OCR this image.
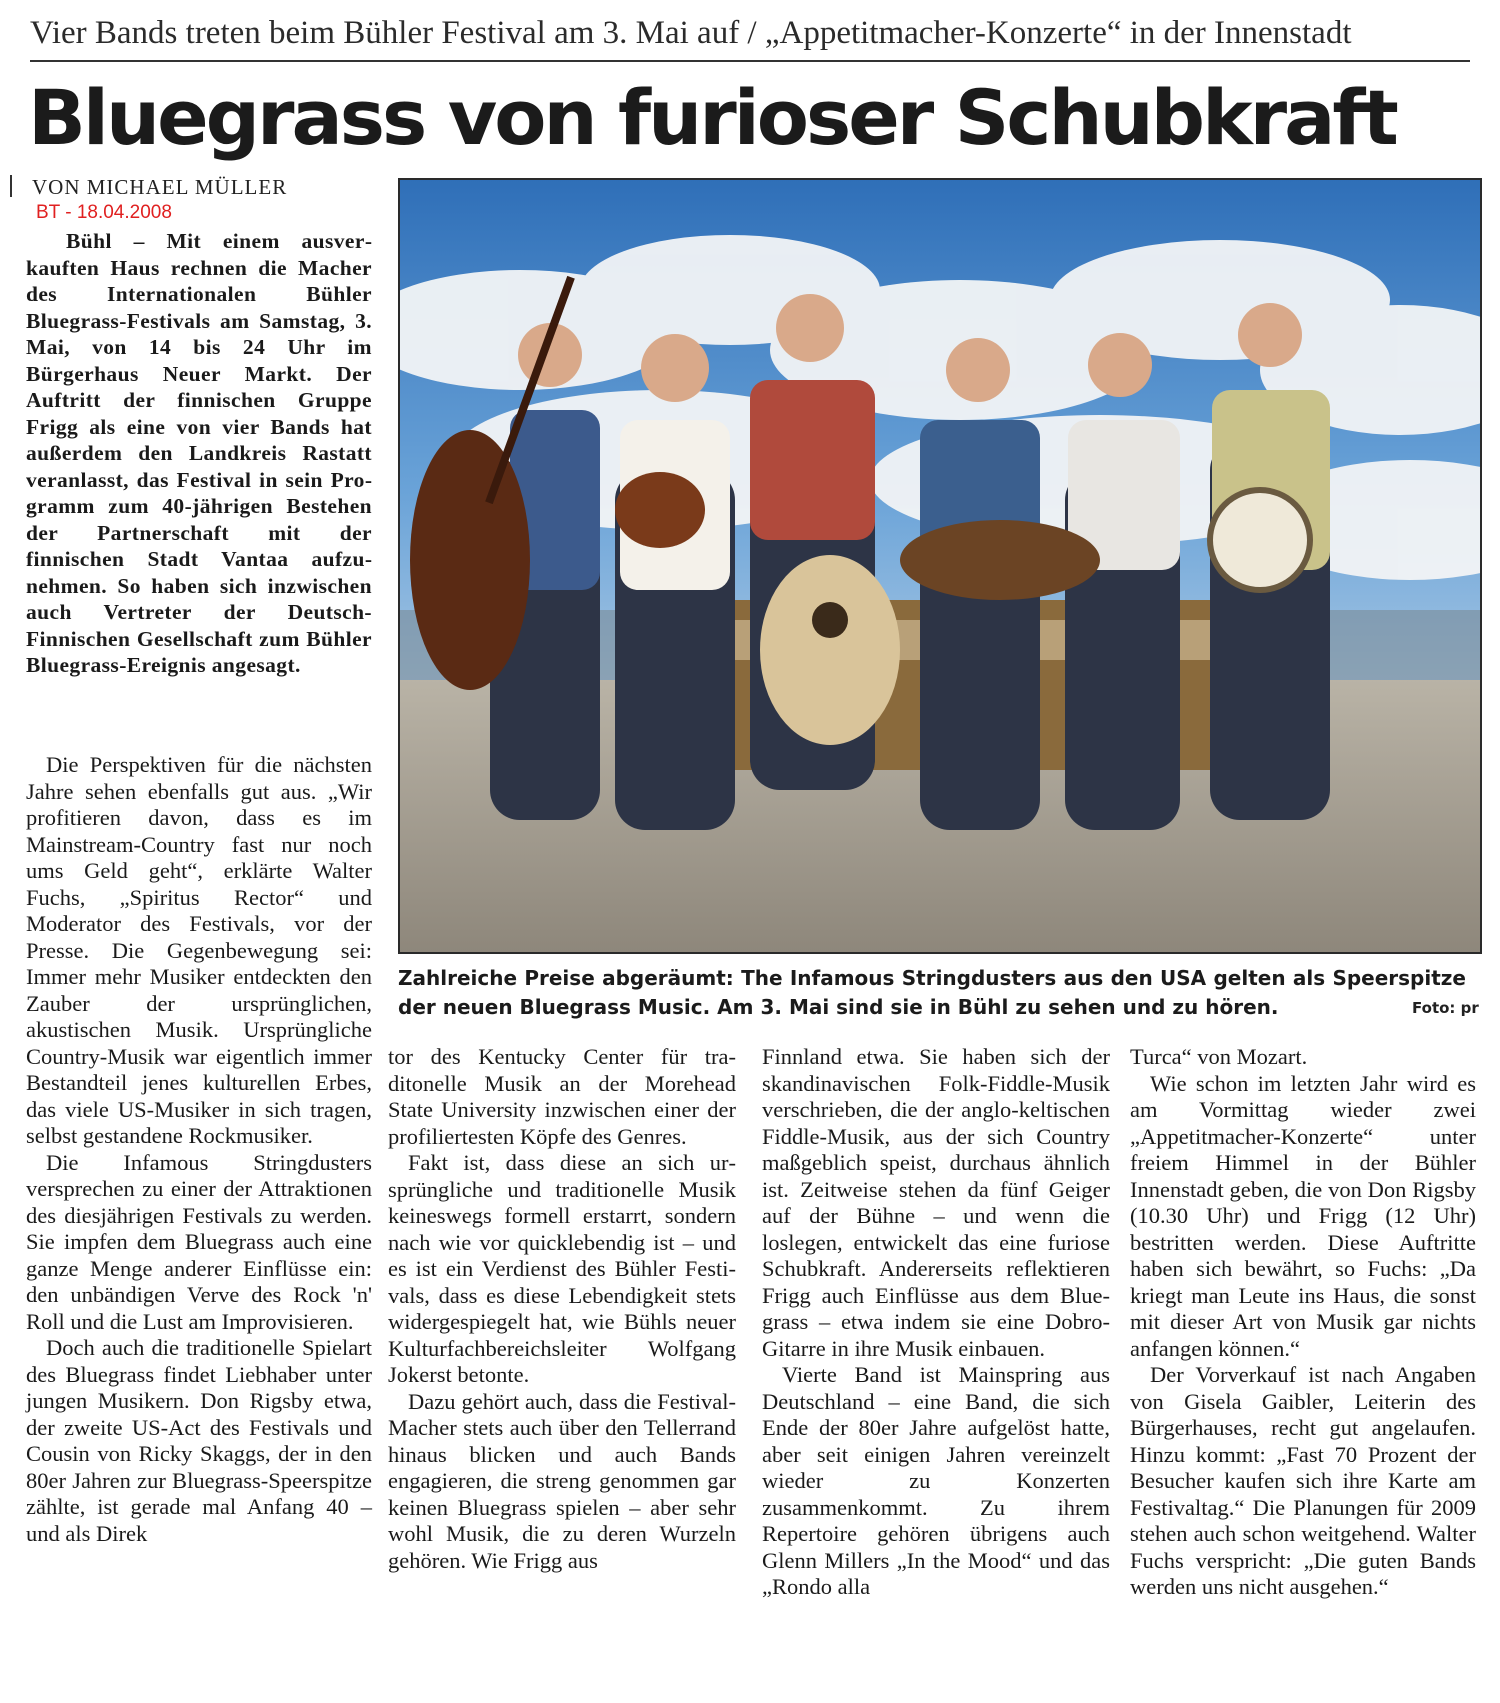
Vier Bands treten beim Bühler Festival am 3. Mai auf / „Appetitmacher-Konzerte“ in der Innenstadt
Bluegrass von furioser Schubkraft
VON MICHAEL MÜLLER
BT - 18.04.2008

Bühl – Mit einem ausverkauften Haus rechnen die Macher des Internationalen Bühler Bluegrass-Festivals am Samstag, 3. Mai, von 14 bis 24 Uhr im Bürgerhaus Neuer Markt. Der Auftritt der finnischen Gruppe Frigg als eine von vier Bands hat außerdem den Landkreis Rastatt veranlasst, das Festival in sein Programm zum 40-jährigen Bestehen der Partnerschaft mit der finnischen Stadt Vantaa aufzunehmen. So haben sich inzwischen auch Vertreter der Deutsch-Finnischen Gesellschaft zum Bühler Bluegrass-Ereignis angesagt.

Die Perspektiven für die nächsten Jahre sehen ebenfalls gut aus. „Wir profitieren davon, dass es im Mainstream-Country fast nur noch ums Geld geht“, erklärte Walter Fuchs, „Spiritus Rector“ und Moderator des Festivals, vor der Presse. Die Gegenbewegung sei: Immer mehr Musiker entdeckten den Zauber der ursprünglichen, akustischen Musik. Ursprüngliche Country-Musik war eigentlich immer Bestandteil jenes kulturellen Erbes, das viele US-Musiker in sich tragen, selbst gestandene Rockmusiker.

Die Infamous Stringdusters versprechen zu einer der Attraktionen des diesjährigen Festivals zu werden. Sie impfen dem Bluegrass auch eine ganze Menge anderer Einflüsse ein: den unbändigen Verve des Rock 'n' Roll und die Lust am Improvisieren.

Doch auch die traditionelle Spielart des Bluegrass findet Liebhaber unter jungen Musikern. Don Rigsby etwa, der zweite US-Act des Festivals und Cousin von Ricky Skaggs, der in den 80er Jahren zur Bluegrass-Speerspitze zählte, ist gerade mal Anfang 40 – und als Direk

Zahlreiche Preise abgeräumt: The Infamous Stringdusters aus den USA gelten als Speerspitze der neuen Bluegrass Music. Am 3. Mai sind sie in Bühl zu sehen und zu hören.	Foto: pr

tor des Kentucky Center für traditonelle Musik an der Morehead State University inzwischen einer der profiliertesten Köpfe des Genres.

Fakt ist, dass diese an sich ursprüngliche und traditionelle Musik keineswegs formell erstarrt, sondern nach wie vor quicklebendig ist – und es ist ein Verdienst des Bühler Festivals, dass es diese Lebendigkeit stets widergespiegelt hat, wie Bühls neuer Kulturfachbereichsleiter Wolfgang Jokerst betonte.

Dazu gehört auch, dass die Festival-Macher stets auch über den Tellerrand hinaus blicken und auch Bands engagieren, die streng genommen gar keinen Bluegrass spielen – aber sehr wohl Musik, die zu deren Wurzeln gehören. Wie Frigg aus

Finnland etwa. Sie haben sich der skandinavischen Folk-Fiddle-Musik verschrieben, die der anglo-keltischen Fiddle-Musik, aus der sich Country maßgeblich speist, durchaus ähnlich ist. Zeitweise stehen da fünf Geiger auf der Bühne – und wenn die loslegen, entwickelt das eine furiose Schubkraft. Andererseits reflektieren Frigg auch Einflüsse aus dem Bluegrass – etwa indem sie eine Dobro-Gitarre in ihre Musik einbauen.

Vierte Band ist Mainspring aus Deutschland – eine Band, die sich Ende der 80er Jahre aufgelöst hatte, aber seit einigen Jahren vereinzelt wieder zu Konzerten zusammenkommt. Zu ihrem Repertoire gehören übrigens auch Glenn Millers „In the Mood“ und das „Rondo alla

Turca“ von Mozart.

Wie schon im letzten Jahr wird es am Vormittag wieder zwei „Appetitmacher-Konzerte“ unter freiem Himmel in der Bühler Innenstadt geben, die von Don Rigsby (10.30 Uhr) und Frigg (12 Uhr) bestritten werden. Diese Auftritte haben sich bewährt, so Fuchs: „Da kriegt man Leute ins Haus, die sonst mit dieser Art von Musik gar nichts anfangen können.“

Der Vorverkauf ist nach Angaben von Gisela Gaibler, Leiterin des Bürgerhauses, recht gut angelaufen. Hinzu kommt: „Fast 70 Prozent der Besucher kaufen sich ihre Karte am Festivaltag.“ Die Planungen für 2009 stehen auch schon weitgehend. Walter Fuchs verspricht: „Die guten Bands werden uns nicht ausgehen.“
